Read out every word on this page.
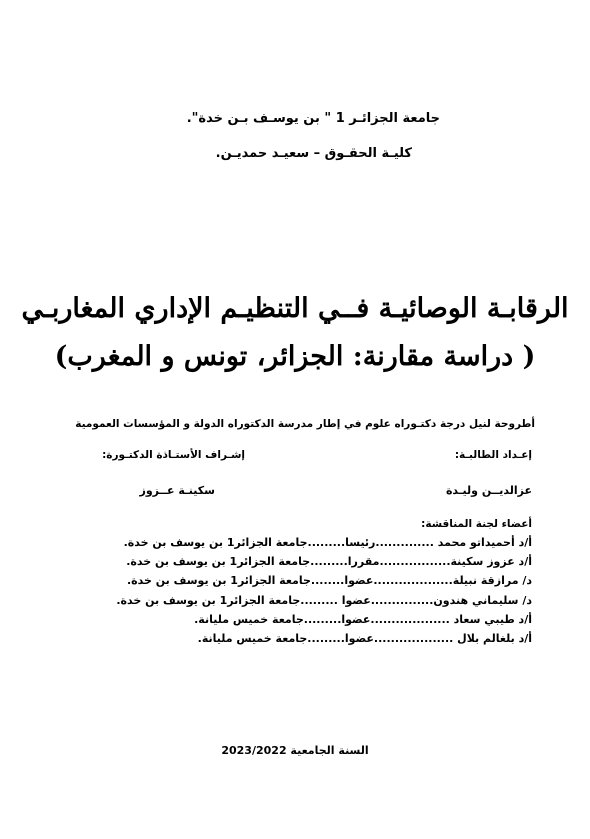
جامعة الجزائـر 1 " بن يوسـف بـن خدة".
كليـة الحقـوق – سعيـد حمديـن.
الرقابـة الوصائيـة فــي التنظيـم الإداري المغاربـي
( دراسة مقارنة: الجزائر، تونس و المغرب)
أطروحة لنيل درجة دكتـوراه علوم في إطار مدرسة الدكتوراه الدولة و المؤسسات العمومية
إعـداد الطالبـة:
إشـراف الأستـاذة الدكتـورة:
عزالديــن وليـدة
سكينـة عــزوز
أعضاء لجنة المناقشة:
أ/د أحميداتو محمد ..............رئيسا.........جامعة الجزائر1 بن يوسف بن خدة.
أ/د عزوز سكينة.................مقررا.........جامعة الجزائر1 بن يوسف بن خدة.
د/ مرازقة نبيلة...................عضوا........جامعة الجزائر1 بن يوسف بن خدة.
د/ سليماني هندون...............عضوا .........جامعة الجزائر1 بن يوسف بن خدة.
أ/د طيبي سعاد ...................عضوا.........جامعة خميس مليانة.
أ/د بلغالم بلال ...................عضوا.........جامعة خميس مليانة.
السنة الجامعية 2023/2022
